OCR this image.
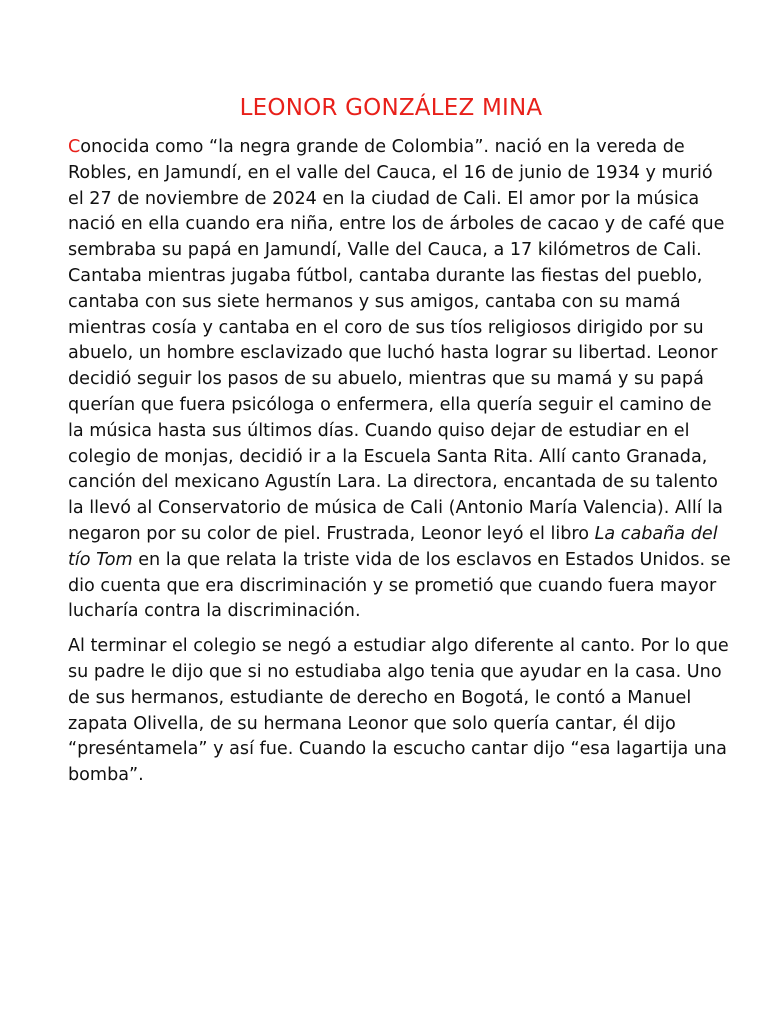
LEONOR GONZÁLEZ MINA

Conocida como “la negra grande de Colombia”. nació en la vereda de Robles, en Jamundí, en el valle del Cauca, el 16 de junio de 1934 y murió el 27 de noviembre de 2024 en la ciudad de Cali. El amor por la música nació en ella cuando era niña, entre los de árboles de cacao y de café que sembraba su papá en Jamundí, Valle del Cauca, a 17 kilómetros de Cali. Cantaba mientras jugaba fútbol, cantaba durante las fiestas del pueblo, cantaba con sus siete hermanos y sus amigos, cantaba con su mamá mientras cosía y cantaba en el coro de sus tíos religiosos dirigido por su abuelo, un hombre esclavizado que luchó hasta lograr su libertad. Leonor decidió seguir los pasos de su abuelo, mientras que su mamá y su papá querían que fuera psicóloga o enfermera, ella quería seguir el camino de la música hasta sus últimos días. Cuando quiso dejar de estudiar en el colegio de monjas, decidió ir a la Escuela Santa Rita. Allí canto Granada, canción del mexicano Agustín Lara. La directora, encantada de su talento la llevó al Conservatorio de música de Cali (Antonio María Valencia). Allí la negaron por su color de piel. Frustrada, Leonor leyó el libro La cabaña del tío Tom en la que relata la triste vida de los esclavos en Estados Unidos. se dio cuenta que era discriminación y se prometió que cuando fuera mayor lucharía contra la discriminación.

Al terminar el colegio se negó a estudiar algo diferente al canto. Por lo que su padre le dijo que si no estudiaba algo tenia que ayudar en la casa. Uno de sus hermanos, estudiante de derecho en Bogotá, le contó a Manuel zapata Olivella, de su hermana Leonor que solo quería cantar, él dijo “preséntamela” y así fue. Cuando la escucho cantar dijo “esa lagartija una bomba”.
